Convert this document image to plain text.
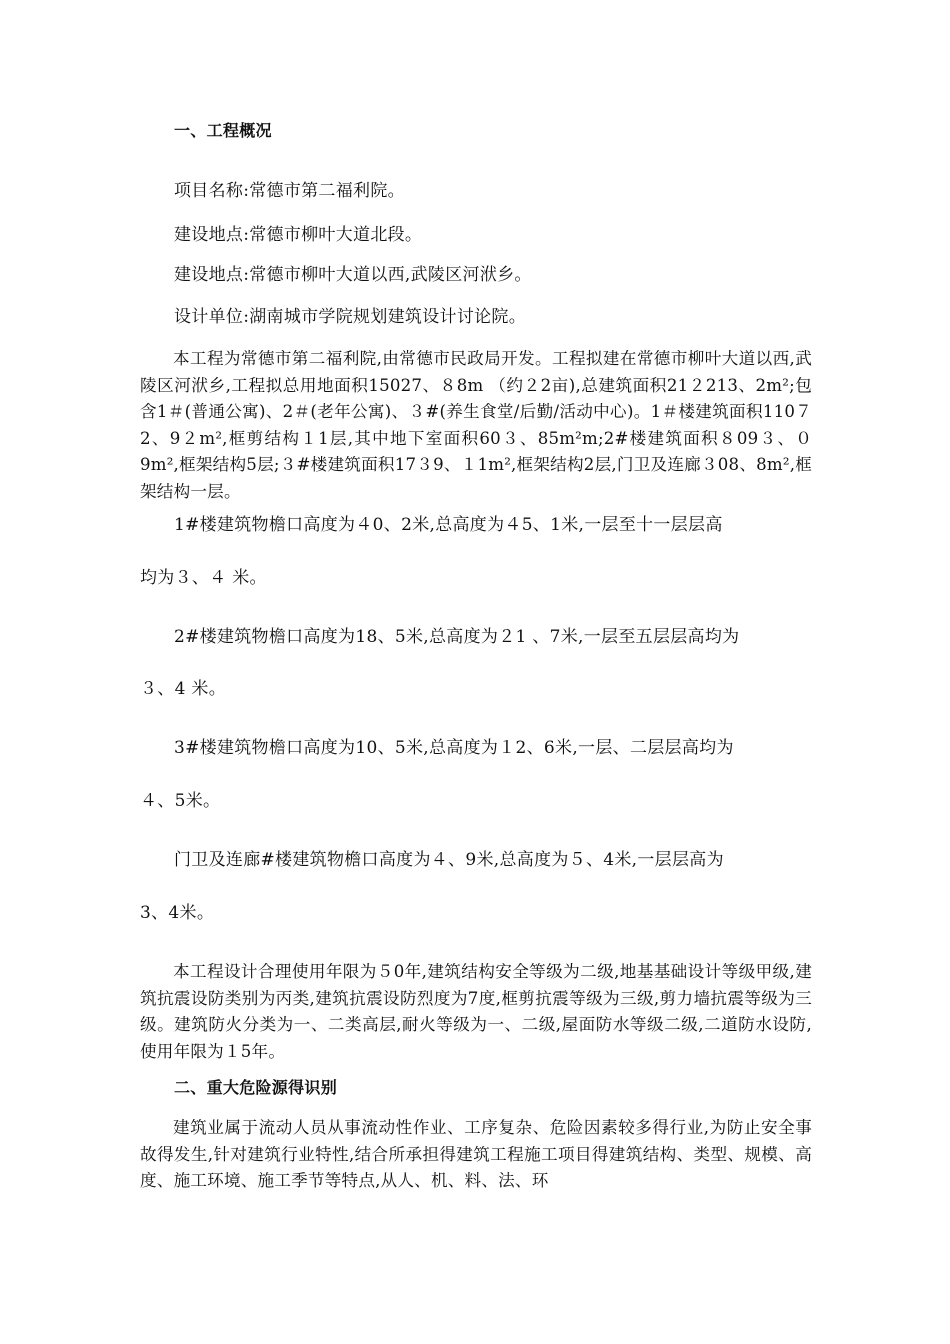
一、工程概况
项目名称:常德市第二福利院。
建设地点:常德市柳叶大道北段。
建设地点:常德市柳叶大道以西,武陵区河洑乡。
设计单位:湖南城市学院规划建筑设计讨论院。
本工程为常德市第二福利院,由常德市民政局开发。工程拟建在常德市柳叶大道以西,武陵区河洑乡,工程拟总用地面积15027、８8m （约２2亩),总建筑面积21２213、2m²;包含1＃(普通公寓)、2＃(老年公寓)、３#(养生食堂/后勤/活动中心)。1＃楼建筑面积110７2、9２m²,框剪结构１1层,其中地下室面积60３、85m²m;2#楼建筑面积８09３、０9m²,框架结构5层;３#楼建筑面积17３9、１1m²,框架结构2层,门卫及连廊３08、8m²,框架结构一层。
1#楼建筑物檐口高度为４0、2米,总高度为４5、1米,一层至十一层层高
均为３、４ 米。
2#楼建筑物檐口高度为18、5米,总高度为２1 、7米,一层至五层层高均为
３、4 米。
3#楼建筑物檐口高度为10、5米,总高度为１2、6米,一层、二层层高均为
４、5米。
门卫及连廊#楼建筑物檐口高度为４、9米,总高度为５、4米,一层层高为
3、4米。
本工程设计合理使用年限为５0年,建筑结构安全等级为二级,地基基础设计等级甲级,建筑抗震设防类别为丙类,建筑抗震设防烈度为7度,框剪抗震等级为三级,剪力墙抗震等级为三级。建筑防火分类为一、二类高层,耐火等级为一、二级,屋面防水等级二级,二道防水设防,使用年限为１5年。
二、重大危险源得识别
建筑业属于流动人员从事流动性作业、工序复杂、危险因素较多得行业,为防止安全事故得发生,针对建筑行业特性,结合所承担得建筑工程施工项目得建筑结构、类型、规模、高度、施工环境、施工季节等特点,从人、机、料、法、环
